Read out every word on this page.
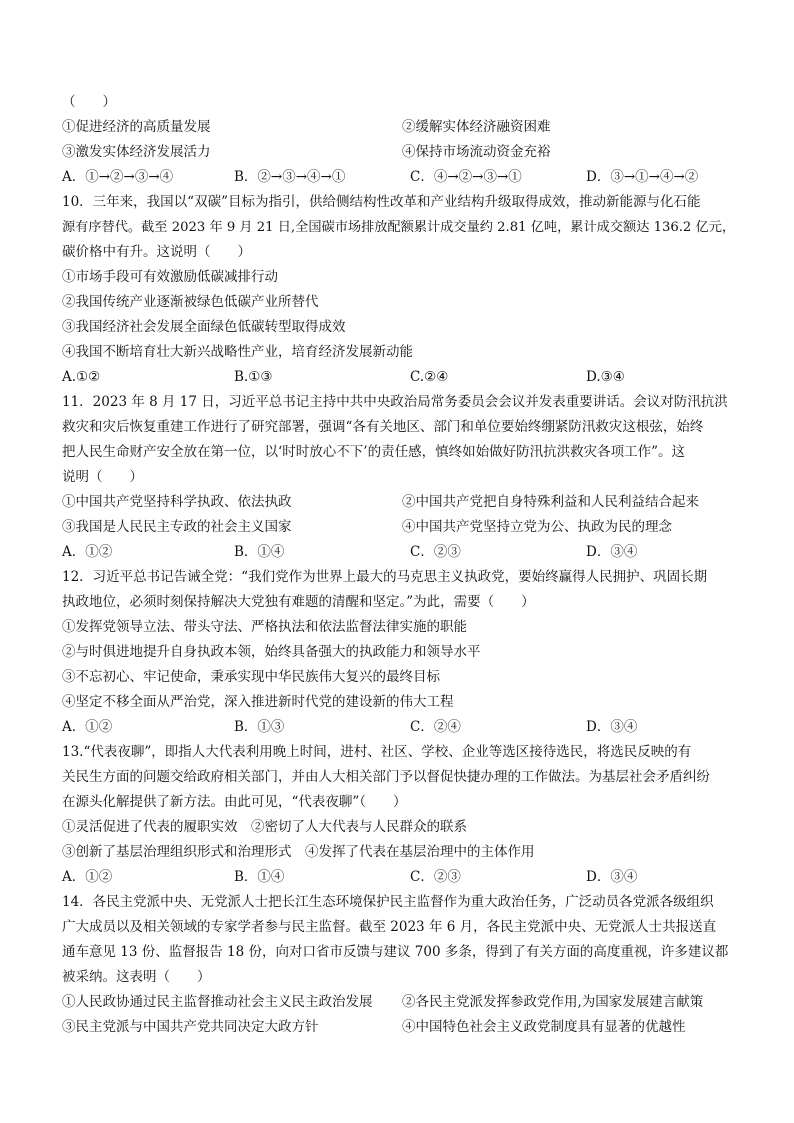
（　　）
①促进经济的高质量发展	②缓解实体经济融资困难
③激发实体经济发展活力	④保持市场流动资金充裕
A．①→②→③→④	B．②→③→④→①	C．④→②→③→①	D．③→①→④→②
10．三年来，我国以“双碳”目标为指引，供给侧结构性改革和产业结构升级取得成效，推动新能源与化石能
源有序替代。截至 2023 年 9 月 21 日,全国碳市场排放配额累计成交量约 2.81 亿吨，累计成交额达 136.2 亿元，
碳价格中有升。这说明（　　）
①市场手段可有效激励低碳减排行动
②我国传统产业逐渐被绿色低碳产业所替代
③我国经济社会发展全面绿色低碳转型取得成效
④我国不断培育壮大新兴战略性产业，培育经济发展新动能
A.①②	B.①③	C.②④	D.③④
11．2023 年 8 月 17 日，习近平总书记主持中共中央政治局常务委员会会议并发表重要讲话。会议对防汛抗洪
救灾和灾后恢复重建工作进行了研究部署，强调“各有关地区、部门和单位要始终绷紧防汛救灾这根弦，始终
把人民生命财产安全放在第一位，以‘时时放心不下’的责任感，慎终如始做好防汛抗洪救灾各项工作”。这
说明（　　）
①中国共产党坚持科学执政、依法执政	②中国共产党把自身特殊利益和人民利益结合起来
③我国是人民民主专政的社会主义国家	④中国共产党坚持立党为公、执政为民的理念
A．①②	B．①④	C．②③	D．③④
12．习近平总书记告诫全党：“我们党作为世界上最大的马克思主义执政党，要始终赢得人民拥护、巩固长期
执政地位，必须时刻保持解决大党独有难题的清醒和坚定。”为此，需要（　　）
①发挥党领导立法、带头守法、严格执法和依法监督法律实施的职能
②与时俱进地提升自身执政本领，始终具备强大的执政能力和领导水平
③不忘初心、牢记使命，秉承实现中华民族伟大复兴的最终目标
④坚定不移全面从严治党，深入推进新时代党的建设新的伟大工程
A．①②	B．①③	C．②④	D．③④
13.“代表夜聊”，即指人大代表利用晚上时间，进村、社区、学校、企业等选区接待选民，将选民反映的有
关民生方面的问题交给政府相关部门，并由人大相关部门予以督促快捷办理的工作做法。为基层社会矛盾纠纷
在源头化解提供了新方法。由此可见，“代表夜聊”（　　）
①灵活促进了代表的履职实效　②密切了人大代表与人民群众的联系
③创新了基层治理组织形式和治理形式　④发挥了代表在基层治理中的主体作用
A．①②	B．①④	C．②③	D．③④
14．各民主党派中央、无党派人士把长江生态环境保护民主监督作为重大政治任务，广泛动员各党派各级组织
广大成员以及相关领域的专家学者参与民主监督。截至 2023 年 6 月，各民主党派中央、无党派人士共报送直
通车意见 13 份、监督报告 18 份，向对口省市反馈与建议 700 多条，得到了有关方面的高度重视，许多建议都
被采纳。这表明（　　）
①人民政协通过民主监督推动社会主义民主政治发展	②各民主党派发挥参政党作用,为国家发展建言献策
③民主党派与中国共产党共同决定大政方针	④中国特色社会主义政党制度具有显著的优越性
